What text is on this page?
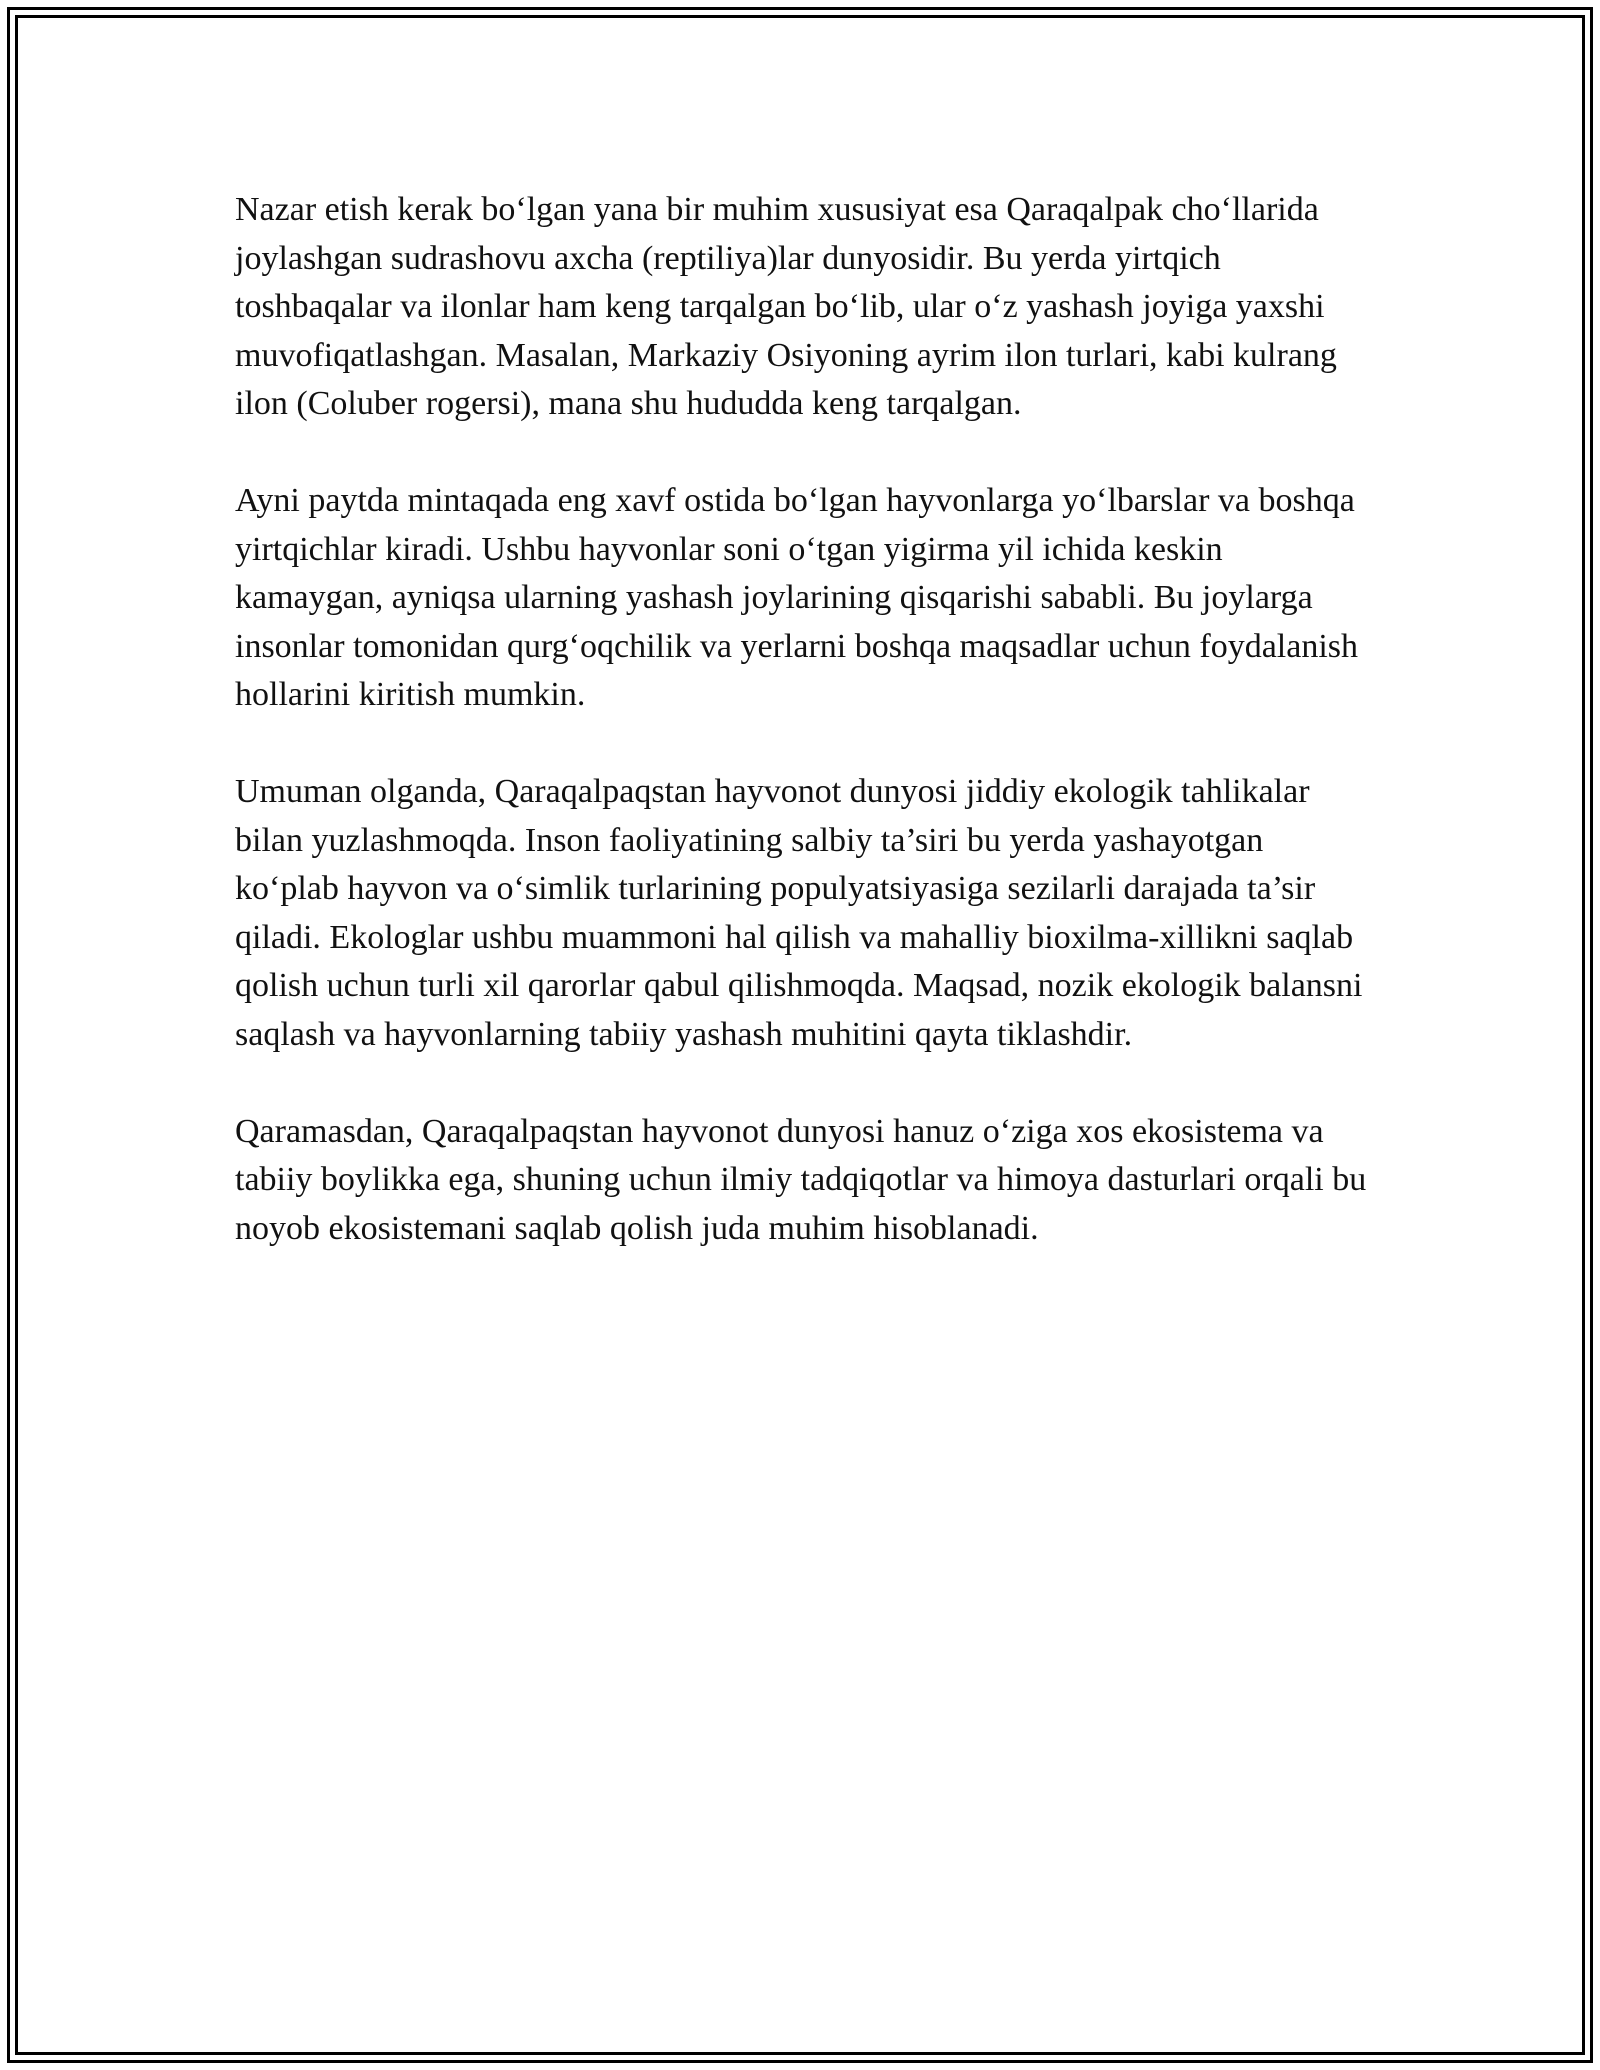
Nazar etish kerak bo‘lgan yana bir muhim xususiyat esa Qaraqalpak cho‘llarida joylashgan sudrashovu axcha (reptiliya)lar dunyosidir. Bu yerda yirtqich toshbaqalar va ilonlar ham keng tarqalgan bo‘lib, ular o‘z yashash joyiga yaxshi muvofiqatlashgan. Masalan, Markaziy Osiyoning ayrim ilon turlari, kabi kulrang ilon (Coluber rogersi), mana shu hududda keng tarqalgan.

Ayni paytda mintaqada eng xavf ostida bo‘lgan hayvonlarga yo‘lbarslar va boshqa yirtqichlar kiradi. Ushbu hayvonlar soni o‘tgan yigirma yil ichida keskin kamaygan, ayniqsa ularning yashash joylarining qisqarishi sababli. Bu joylarga insonlar tomonidan qurg‘oqchilik va yerlarni boshqa maqsadlar uchun foydalanish hollarini kiritish mumkin.

Umuman olganda, Qaraqalpaqstan hayvonot dunyosi jiddiy ekologik tahlikalar bilan yuzlashmoqda. Inson faoliyatining salbiy ta’siri bu yerda yashayotgan ko‘plab hayvon va o‘simlik turlarining populyatsiyasiga sezilarli darajada ta’sir qiladi. Ekologlar ushbu muammoni hal qilish va mahalliy bioxilma-xillikni saqlab qolish uchun turli xil qarorlar qabul qilishmoqda. Maqsad, nozik ekologik balansni saqlash va hayvonlarning tabiiy yashash muhitini qayta tiklashdir.

Qaramasdan, Qaraqalpaqstan hayvonot dunyosi hanuz o‘ziga xos ekosistema va tabiiy boylikka ega, shuning uchun ilmiy tadqiqotlar va himoya dasturlari orqali bu noyob ekosistemani saqlab qolish juda muhim hisoblanadi.
